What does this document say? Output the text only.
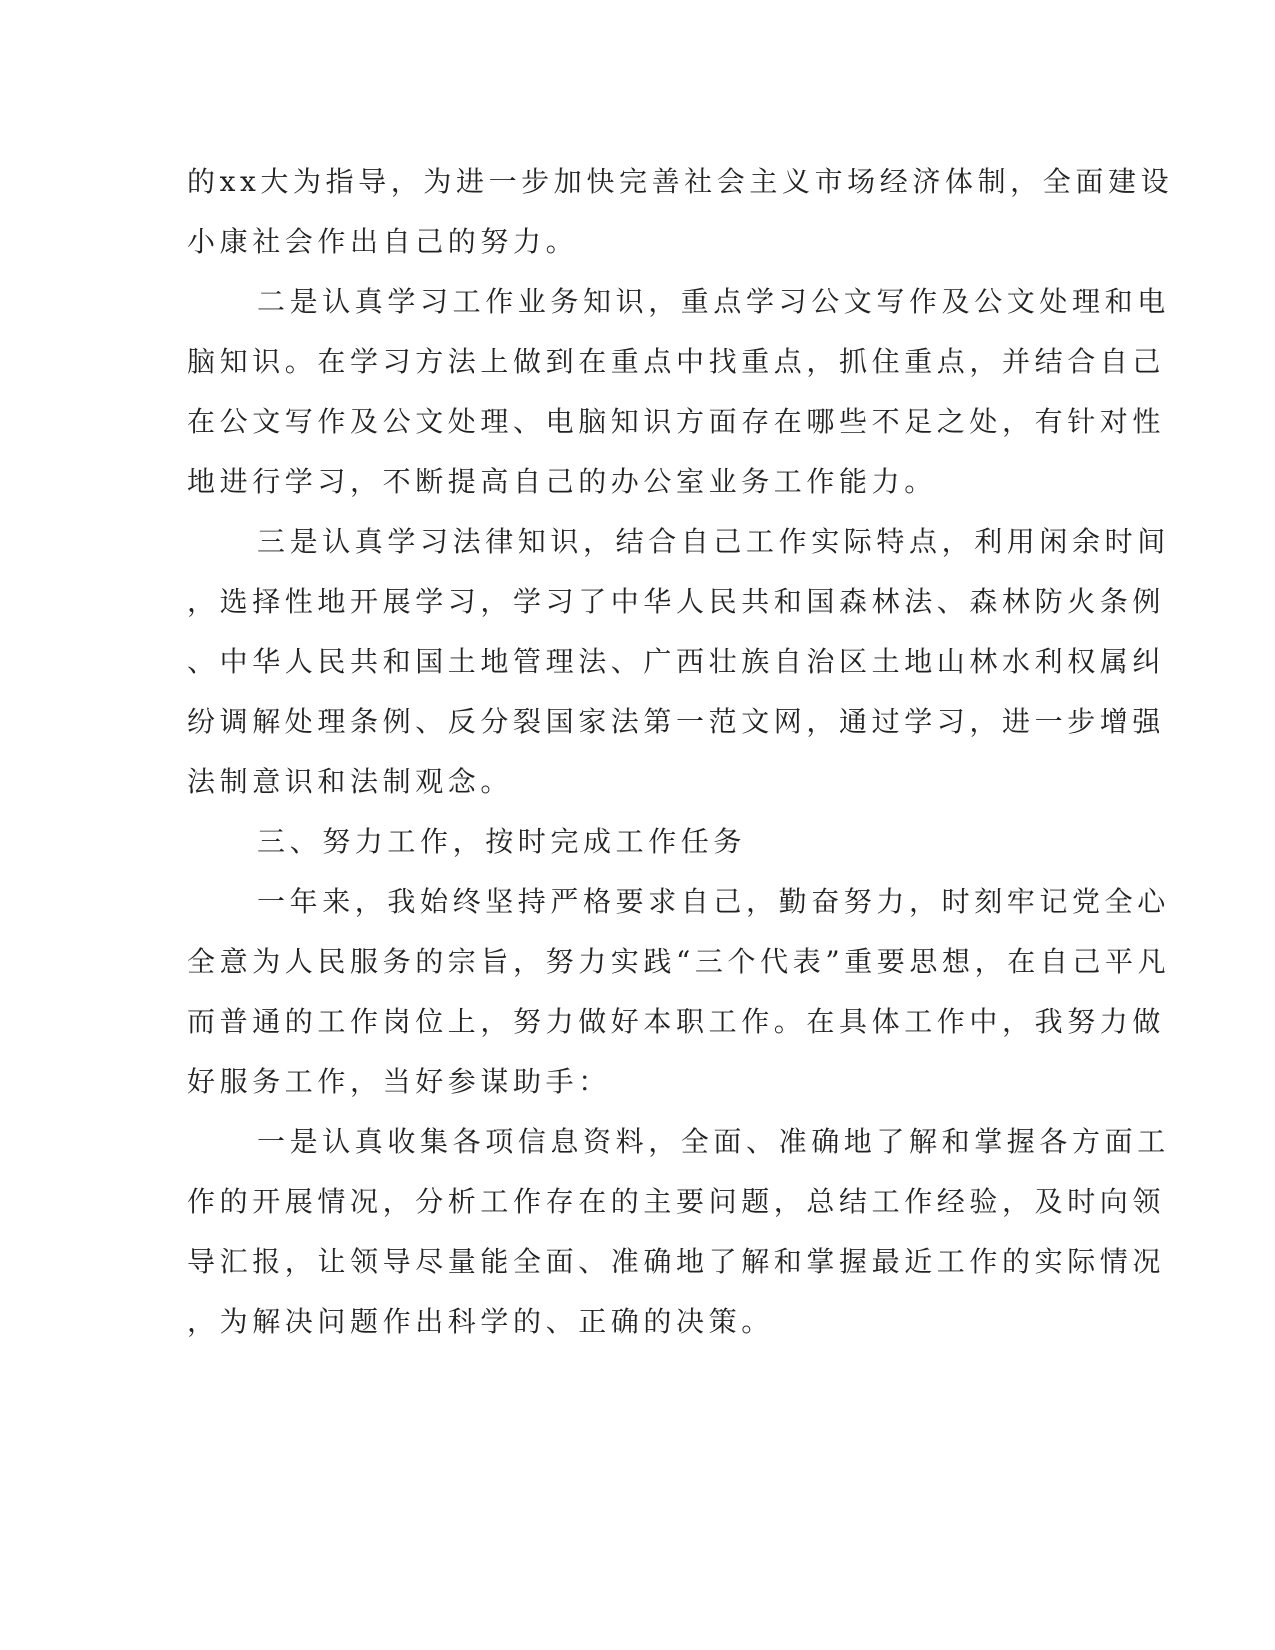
的xx大为指导，为进一步加快完善社会主义市场经济体制，全面建设
小康社会作出自己的努力。
二是认真学习工作业务知识，重点学习公文写作及公文处理和电
脑知识。在学习方法上做到在重点中找重点，抓住重点，并结合自己
在公文写作及公文处理、电脑知识方面存在哪些不足之处，有针对性
地进行学习，不断提高自己的办公室业务工作能力。
三是认真学习法律知识，结合自己工作实际特点，利用闲余时间
，选择性地开展学习，学习了中华人民共和国森林法、森林防火条例
、中华人民共和国土地管理法、广西壮族自治区土地山林水利权属纠
纷调解处理条例、反分裂国家法第一范文网，通过学习，进一步增强
法制意识和法制观念。
三、努力工作，按时完成工作任务
一年来，我始终坚持严格要求自己，勤奋努力，时刻牢记党全心
全意为人民服务的宗旨，努力实践“三个代表”重要思想，在自己平凡
而普通的工作岗位上，努力做好本职工作。在具体工作中，我努力做
好服务工作，当好参谋助手：
一是认真收集各项信息资料，全面、准确地了解和掌握各方面工
作的开展情况，分析工作存在的主要问题，总结工作经验，及时向领
导汇报，让领导尽量能全面、准确地了解和掌握最近工作的实际情况
，为解决问题作出科学的、正确的决策。
